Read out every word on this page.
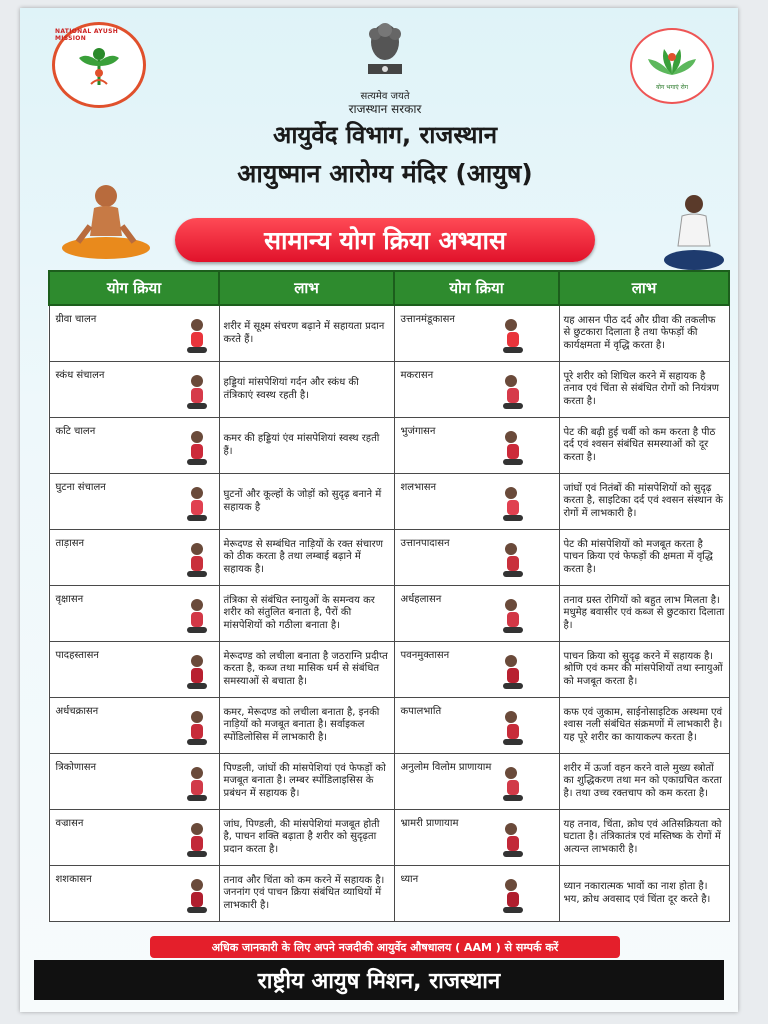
NATIONAL AYUSH MISSION
सत्यमेव जयते
राजस्थान सरकार
योग भगाएं रोग
आयुर्वेद विभाग, राजस्थान
आयुष्मान आरोग्य मंदिर (आयुष)
सामान्य योग क्रिया अभ्यास
योग क्रिया	लाभ	योग क्रिया	लाभ

ग्रीवा चालन	शरीर में सूक्ष्म संचरण बढ़ाने में सहायता प्रदान करते हैं।	उत्तानमंडूकासन	यह आसन पीठ दर्द और ग्रीवा की तकलीफ से छुटकारा दिलाता है तथा फेफड़ों की कार्यक्षमता में वृद्धि करता है।

स्कंध संचालन	हड्डियां मांसपेशियां गर्दन और स्कंध की तंत्रिकाएं स्वस्थ रहती है।	मकरासन	पूरे शरीर को शिथिल करने में सहायक है तनाव एवं चिंता से संबंधित रोगों को नियंत्रण करता है।

कटि चालन	कमर की हड्डियां एंव मांसपेशियां स्वस्थ रहती हैं।	भुजंगासन	पेट की बढ़ी हुई चर्बी को कम करता है पीठ दर्द एवं श्वसन संबंधित समस्याओं को दूर करता है।

घुटना संचालन	घुटनों और कूल्हों के जोड़ों को सुदृढ़ बनाने में सहायक है	शलभासन	जांघों एवं नितंबों की मांसपेशियों को सुदृढ़ करता है, साइटिका दर्द एवं श्वसन संस्थान के रोगों में लाभकारी है।

ताड़ासन	मेरूदण्ड से सम्बंधित नाड़ियों के रक्त संचारण को ठीक करता है तथा लम्बाई बढ़ाने में सहायक है।	उत्तानपादासन	पेट की मांसपेशियों को मजबूत करता है पाचन क्रिया एवं फेफड़ों की क्षमता में वृद्धि करता है।

वृक्षासन	तंत्रिका से संबंधित स्नायुओं के समन्वय कर शरीर को संतुलित बनाता है, पैरों की मांसपेशियों को गठीला बनाता है।	अर्धहलासन	तनाव ग्रस्त रोगियों को बहुत लाभ मिलता है। मधुमेह बवासीर एवं कब्ज से छुटकारा दिलाता है।

पादहस्तासन	मेरूदण्ड को लचीला बनाता है जठराग्नि प्रदीप्त करता है, कब्ज तथा मासिक धर्म से संबंधित समस्याओं से बचाता है।	पवनमुक्तासन	पाचन क्रिया को सुदृढ़ करने में सहायक है। श्रोणि एवं कमर की मांसपेशियों तथा स्नायुओं को मजबूत करता है।

अर्धचक्रासन	कमर, मेरूदण्ड को लचीला बनाता है, इनकी नाड़ियों को मजबूत बनाता है। सर्वाइकल स्पोंडिलोसिस में लाभकारी है।	कपालभाति	कफ एवं जुकाम, साईनोसाइटिक अस्थमा एवं श्वास नली संबंधित संक्रमणों में लाभकारी है। यह पूरे शरीर का कायाकल्प करता है।

त्रिकोणासन	पिण्डली, जांघों की मांसपेशियां एवं फेफड़ों को मजबूत बनाता है। लम्बर स्पोंडिलाइसिस के प्रबंधन में सहायक है।	अनुलोम विलोम प्राणायाम	शरीर में ऊर्जा वहन करने वाले मुख्य स्त्रोतों का शुद्धिकरण तथा मन को एकाग्रचित करता है। तथा उच्च रक्तचाप को कम करता है।

वज्रासन	जांघ, पिण्डली, की मांसपेशियां मजबूत होती है, पाचन शक्ति बढ़ाता है शरीर को सुदृढ़ता प्रदान करता है।	भ्रामरी प्राणायाम	यह तनाव, चिंता, क्रोध एवं अतिसक्रियता को घटाता है। तंत्रिकातंत्र एवं मस्तिष्क के रोगों में अत्यन्त लाभकारी है।

शशकासन	तनाव और चिंता को कम करने में सहायक है। जननांग एवं पाचन क्रिया संबंधित व्याधियों में लाभकारी है।	ध्यान	ध्यान नकारात्मक भावों का नाश होता है। भय, क्रोध अवसाद एवं चिंता दूर करते है।
अधिक जानकारी के लिए अपने नजदीकी आयुर्वेद औषधालय ( AAM ) से सम्पर्क करें
राष्ट्रीय आयुष मिशन, राजस्थान
